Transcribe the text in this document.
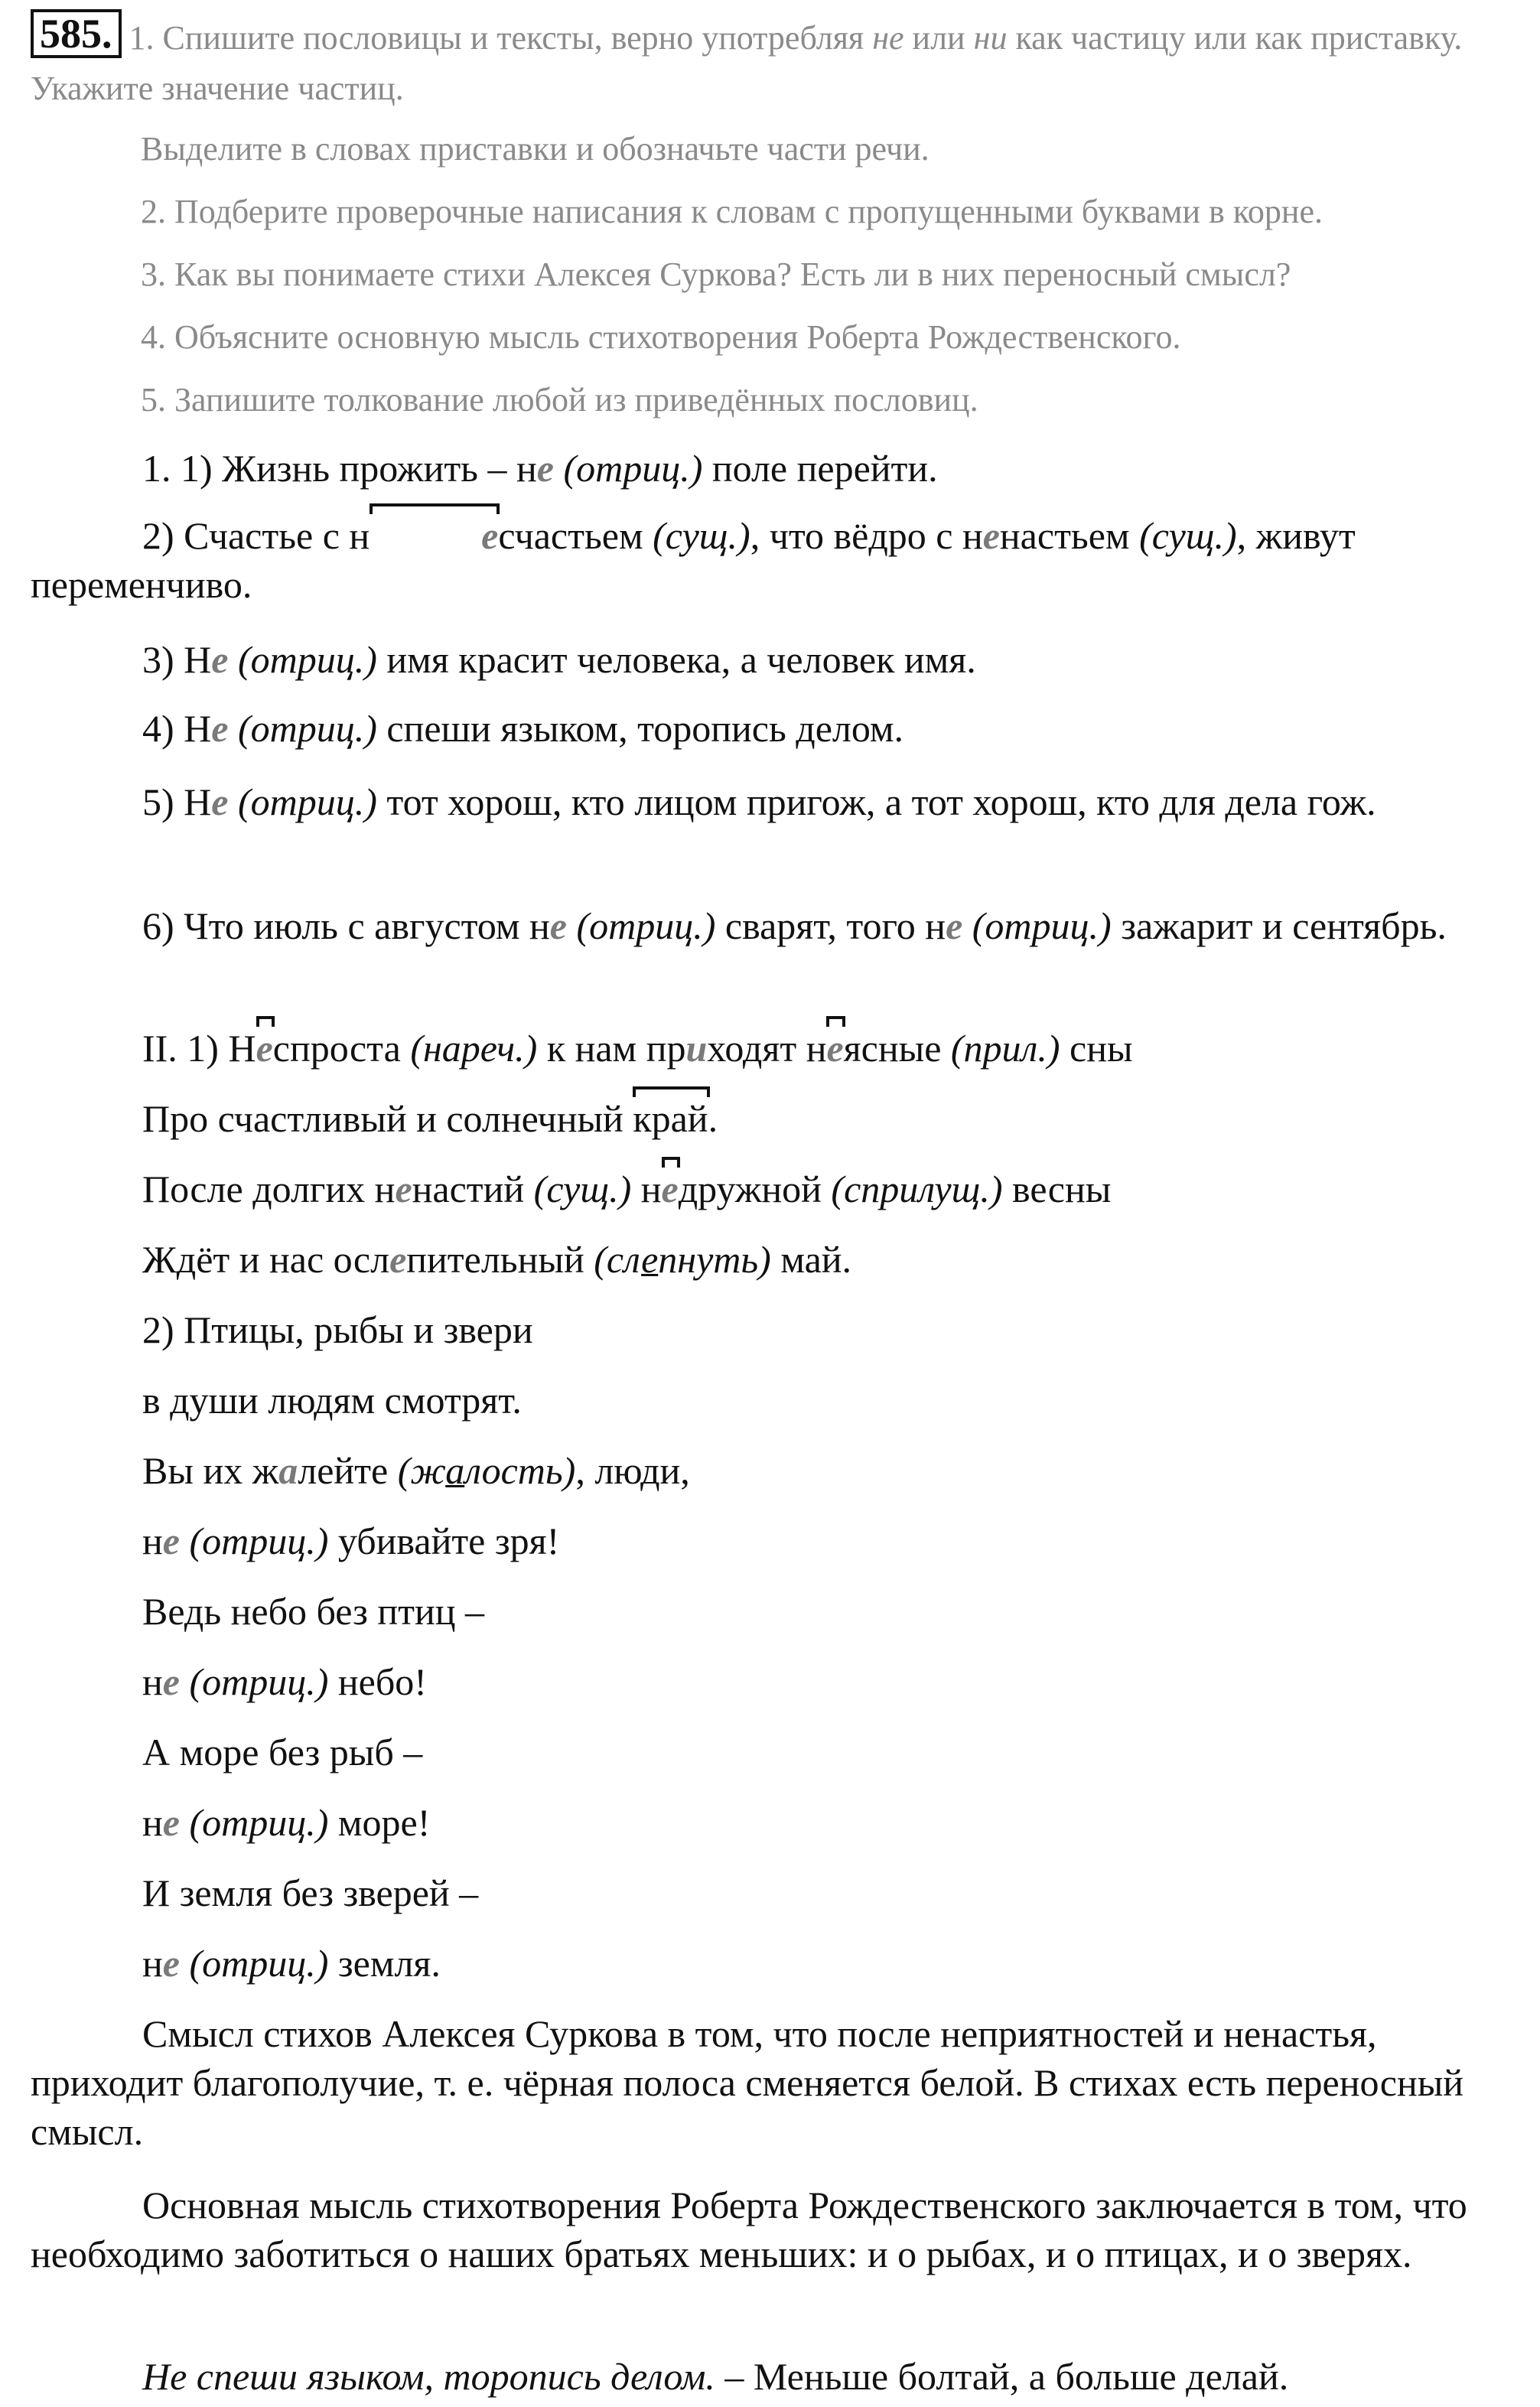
585. 1. Спишите пословицы и тексты, верно употребляя не или ни как частицу или как приставку. Укажите значение частиц.

Выделите в словах приставки и обозначьте части речи.

2. Подберите проверочные написания к словам с пропущенными буквами в корне.

3. Как вы понимаете стихи Алексея Суркова? Есть ли в них переносный смысл?

4. Объясните основную мысль стихотворения Роберта Рождественского.

5. Запишите толкование любой из приведённых пословиц.

1. 1) Жизнь прожить – не (отриц.) поле перейти.

2) Счастье с н	есчастьем (сущ.), что вёдро с ненастьем (сущ.), живут переменчиво.

3) Не (отриц.) имя красит человека, а человек имя.

4) Не (отриц.) спеши языком, торопись делом.

5) Не (отриц.) тот хорош, кто лицом пригож, а тот хорош, кто для дела гож.

6) Что июль с августом не (отриц.) сварят, того не (отриц.) зажарит и сентябрь.

II. 1) Неспроста (нареч.) к нам приходят неясные (прил.) сны

Про счастливый и солнечный край.

После долгих ненастий (сущ.) недружной (сприлущ.) весны

Ждёт и нас ослепительный (слепнуть) май.

2) Птицы, рыбы и звери

в души людям смотрят.

Вы их жалейте (жалость), люди,

не (отриц.) убивайте зря!

Ведь небо без птиц –

не (отриц.) небо!

А море без рыб –

не (отриц.) море!

И земля без зверей –

не (отриц.) земля.

Смысл стихов Алексея Суркова в том, что после неприятностей и ненастья, приходит благополучие, т. е. чёрная полоса сменяется белой. В стихах есть переносный смысл.

Основная мысль стихотворения Роберта Рождественского заключается в том, что необходимо заботиться о наших братьях меньших: и о рыбах, и о птицах, и о зверях.

Не спеши языком, торопись делом. – Меньше болтай, а больше делай.
